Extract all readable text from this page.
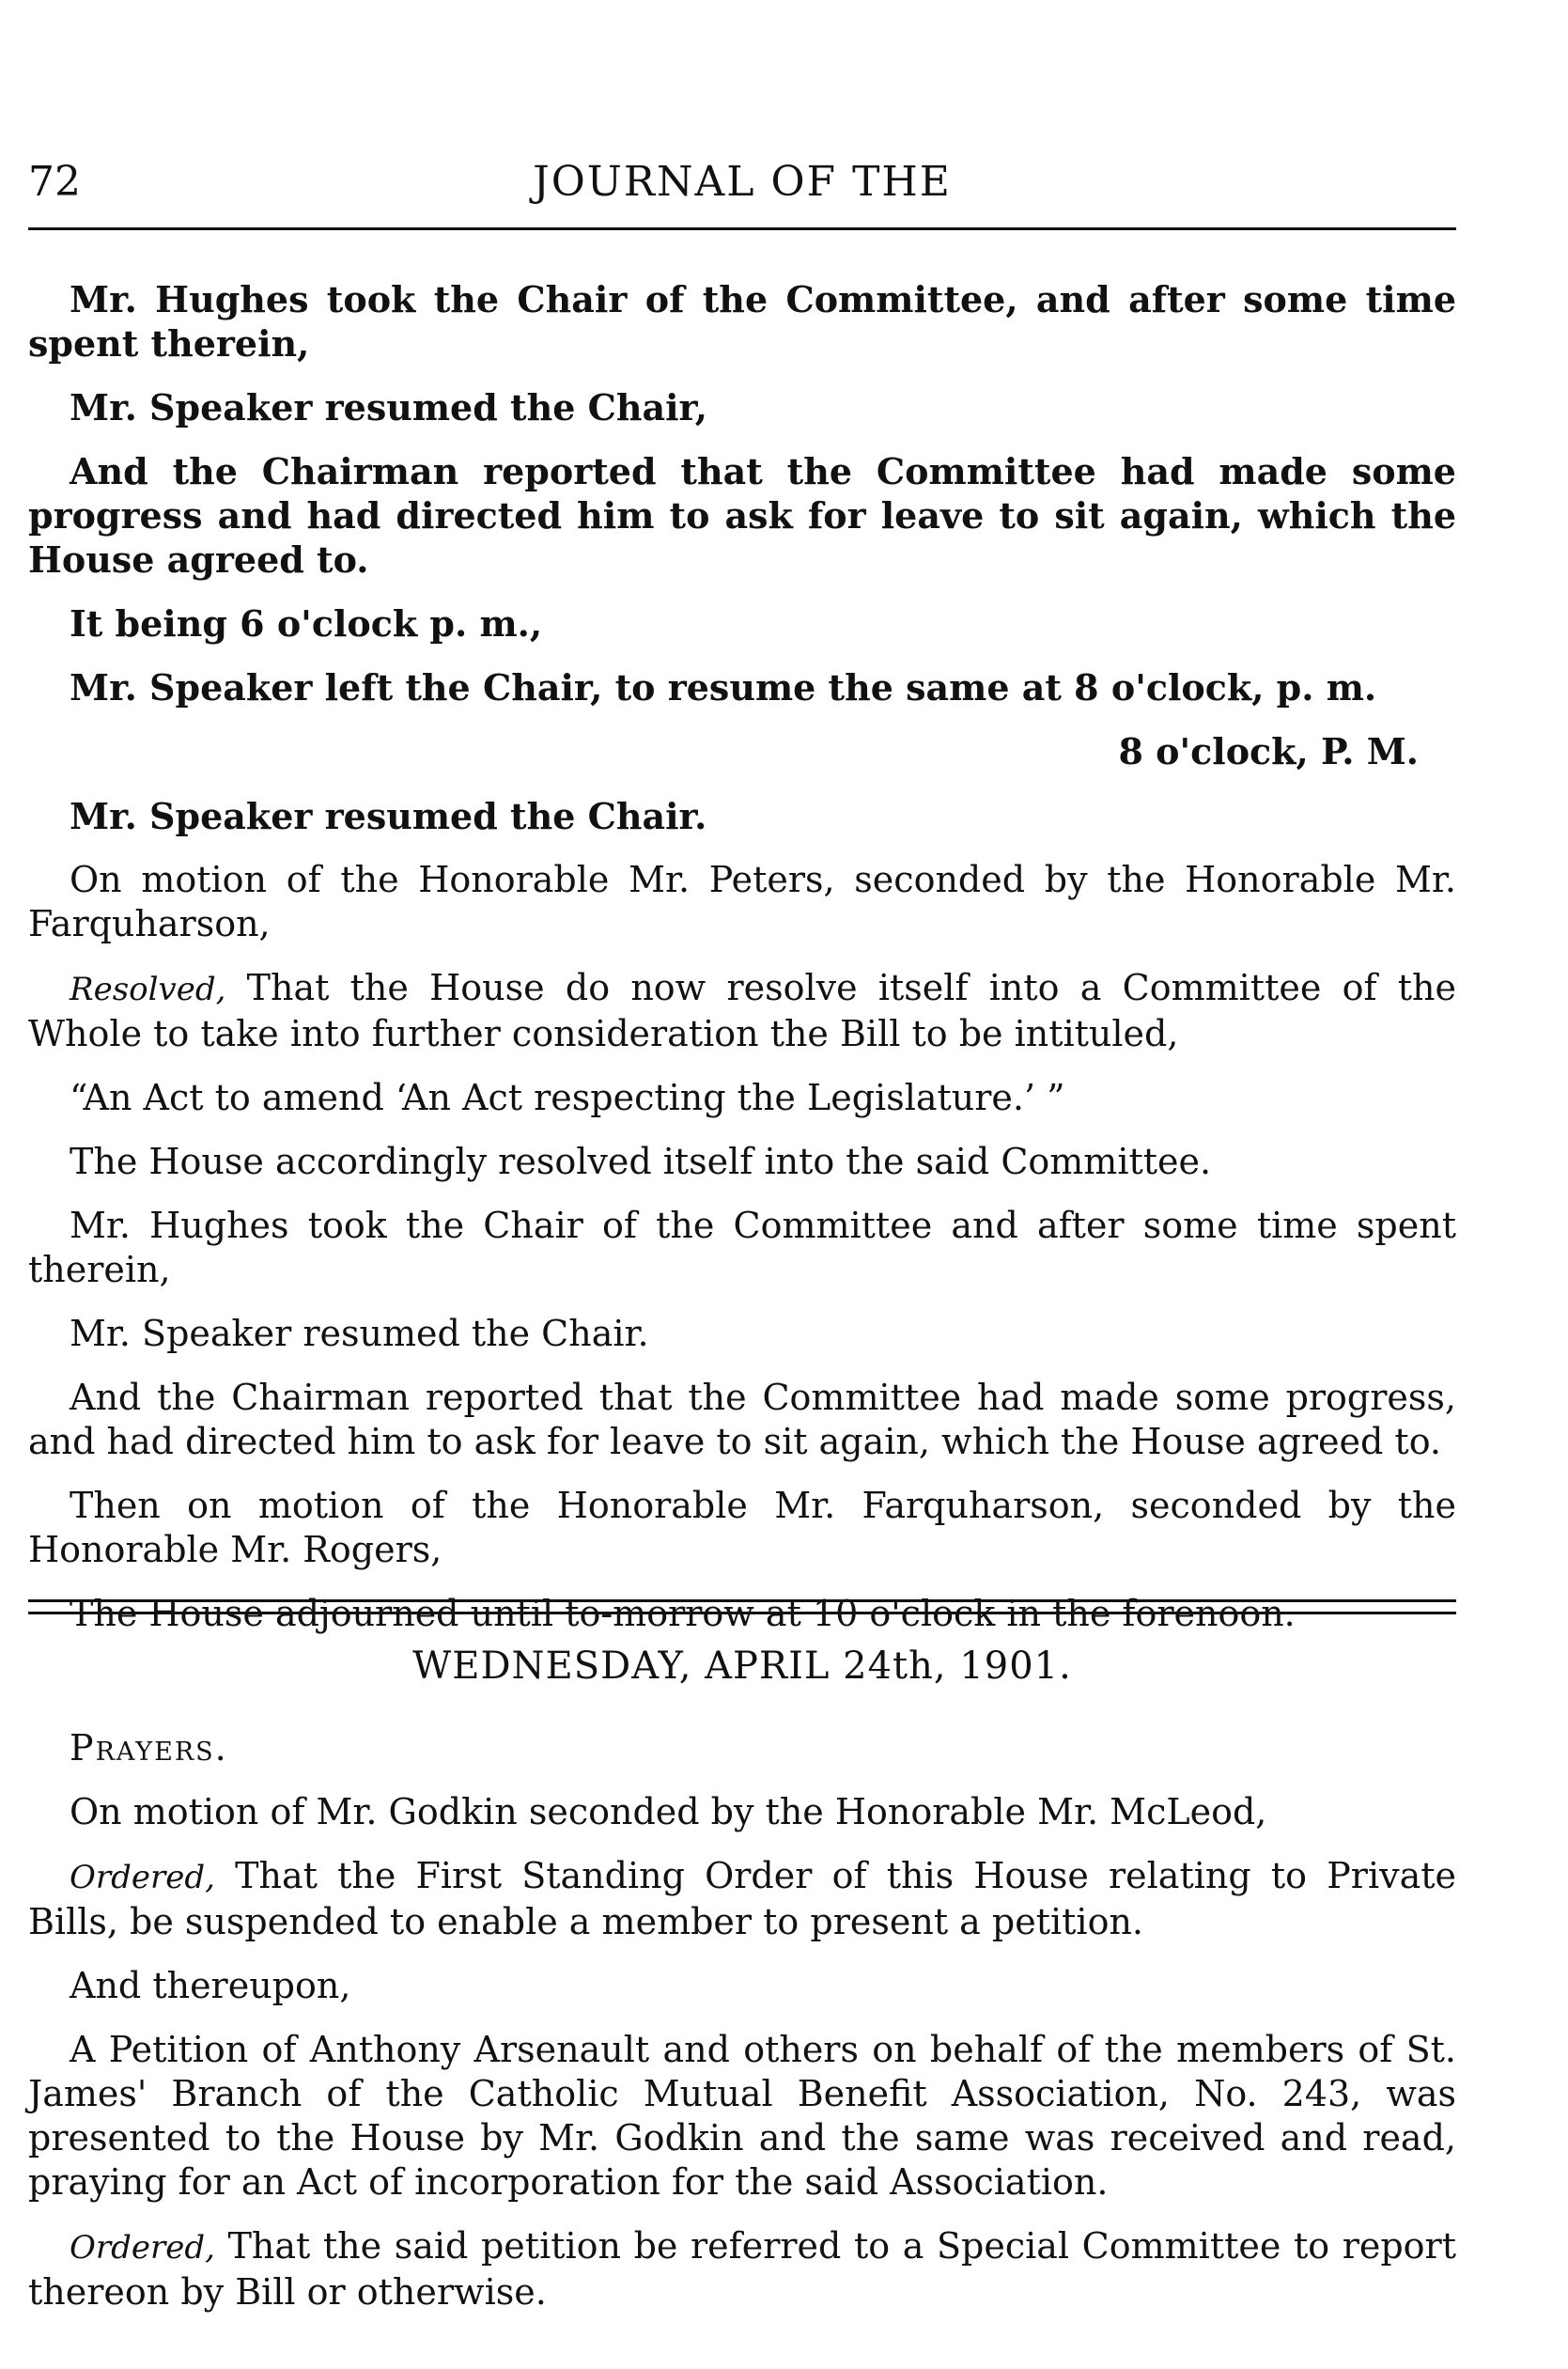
72	JOURNAL OF THE

Mr. Hughes took the Chair of the Committee, and after some time spent therein,

Mr. Speaker resumed the Chair,

And the Chairman reported that the Committee had made some progress and had directed him to ask for leave to sit again, which the House agreed to.

It being 6 o'clock p. m.,

Mr. Speaker left the Chair, to resume the same at 8 o'clock, p. m.

8 o'clock, P. M.

Mr. Speaker resumed the Chair.

On motion of the Honorable Mr. Peters, seconded by the Honorable Mr. Farquharson,

Resolved, That the House do now resolve itself into a Committee of the Whole to take into further consideration the Bill to be intituled,

“An Act to amend ‘An Act respecting the Legislature.’ ”

The House accordingly resolved itself into the said Committee.

Mr. Hughes took the Chair of the Committee and after some time spent therein,

Mr. Speaker resumed the Chair.

And the Chairman reported that the Committee had made some progress, and had directed him to ask for leave to sit again, which the House agreed to.

Then on motion of the Honorable Mr. Farquharson, seconded by the Honorable Mr. Rogers,

The House adjourned until to-morrow at 10 o'clock in the forenoon.

WEDNESDAY, APRIL 24th, 1901.

Prayers.

On motion of Mr. Godkin seconded by the Honorable Mr. McLeod,

Ordered, That the First Standing Order of this House relating to Private Bills, be suspended to enable a member to present a petition.

And thereupon,

A Petition of Anthony Arsenault and others on behalf of the members of St. James' Branch of the Catholic Mutual Benefit Association, No. 243, was presented to the House by Mr. Godkin and the same was received and read, praying for an Act of incorporation for the said Association.

Ordered, That the said petition be referred to a Special Committee to report thereon by Bill or otherwise.
